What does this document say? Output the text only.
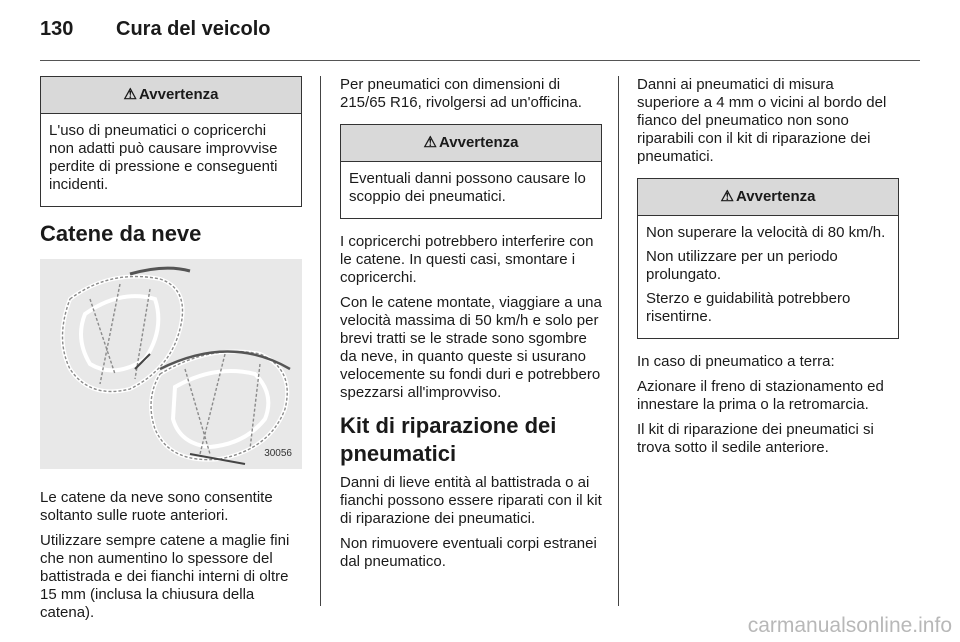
130 Cura del veicolo
⚠ Avvertenza

L'uso di pneumatici o copricerchi non adatti può causare improvvise perdite di pressione e conseguenti incidenti.

Catene da neve
30056

Le catene da neve sono consentite soltanto sulle ruote anteriori.

Utilizzare sempre catene a maglie fini che non aumentino lo spessore del battistrada e dei fianchi interni di oltre 15 mm (inclusa la chiusura della catena).

Per pneumatici con dimensioni di 215/65 R16, rivolgersi ad un'officina.

⚠ Avvertenza

Eventuali danni possono causare lo scoppio dei pneumatici.

I copricerchi potrebbero interferire con le catene. In questi casi, smontare i copricerchi.

Con le catene montate, viaggiare a una velocità massima di 50 km/h e solo per brevi tratti se le strade sono sgombre da neve, in quanto queste si usurano velocemente su fondi duri e potrebbero spezzarsi all'improvviso.

Kit di riparazione dei pneumatici

Danni di lieve entità al battistrada o ai fianchi possono essere riparati con il kit di riparazione dei pneumatici.

Non rimuovere eventuali corpi estranei dal pneumatico.

Danni ai pneumatici di misura superiore a 4 mm o vicini al bordo del fianco del pneumatico non sono riparabili con il kit di riparazione dei pneumatici.

⚠ Avvertenza

Non superare la velocità di 80 km/h.

Non utilizzare per un periodo prolungato.

Sterzo e guidabilità potrebbero risentirne.

In caso di pneumatico a terra:

Azionare il freno di stazionamento ed innestare la prima o la retromarcia.

Il kit di riparazione dei pneumatici si trova sotto il sedile anteriore.

carmanualsonline.info
